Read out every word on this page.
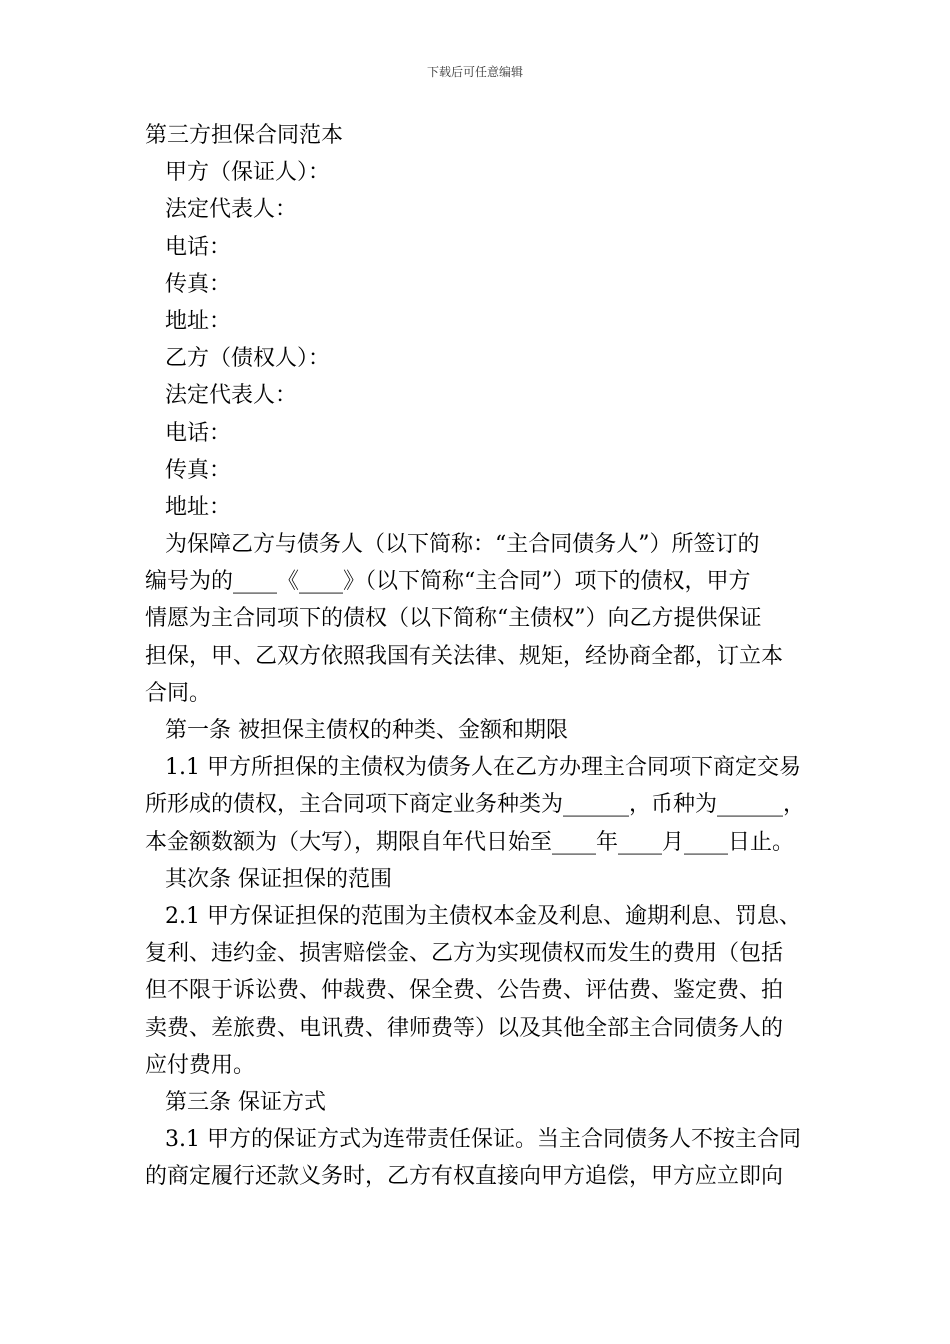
下载后可任意编辑

第三方担保合同范本

甲方（保证人）：

法定代表人：

电话：

传真：

地址：

乙方（债权人）：

法定代表人：

电话：

传真：

地址：

为保障乙方与债务人（以下简称：“主合同债务人”）所签订的

编号为的____《____》（以下简称“主合同”）项下的债权，甲方

情愿为主合同项下的债权（以下简称“主债权”）向乙方提供保证

担保，甲、乙双方依照我国有关法律、规矩，经协商全都，订立本

合同。

第一条 被担保主债权的种类、金额和期限

1.1 甲方所担保的主债权为债务人在乙方办理主合同项下商定交易

所形成的债权，主合同项下商定业务种类为______，币种为______，

本金额数额为（大写），期限自年代日始至____年____月____日止。

其次条 保证担保的范围

2.1 甲方保证担保的范围为主债权本金及利息、逾期利息、罚息、

复利、违约金、损害赔偿金、乙方为实现债权而发生的费用（包括

但不限于诉讼费、仲裁费、保全费、公告费、评估费、鉴定费、拍

卖费、差旅费、电讯费、律师费等）以及其他全部主合同债务人的

应付费用。

第三条 保证方式

3.1 甲方的保证方式为连带责任保证。当主合同债务人不按主合同

的商定履行还款义务时，乙方有权直接向甲方追偿，甲方应立即向
